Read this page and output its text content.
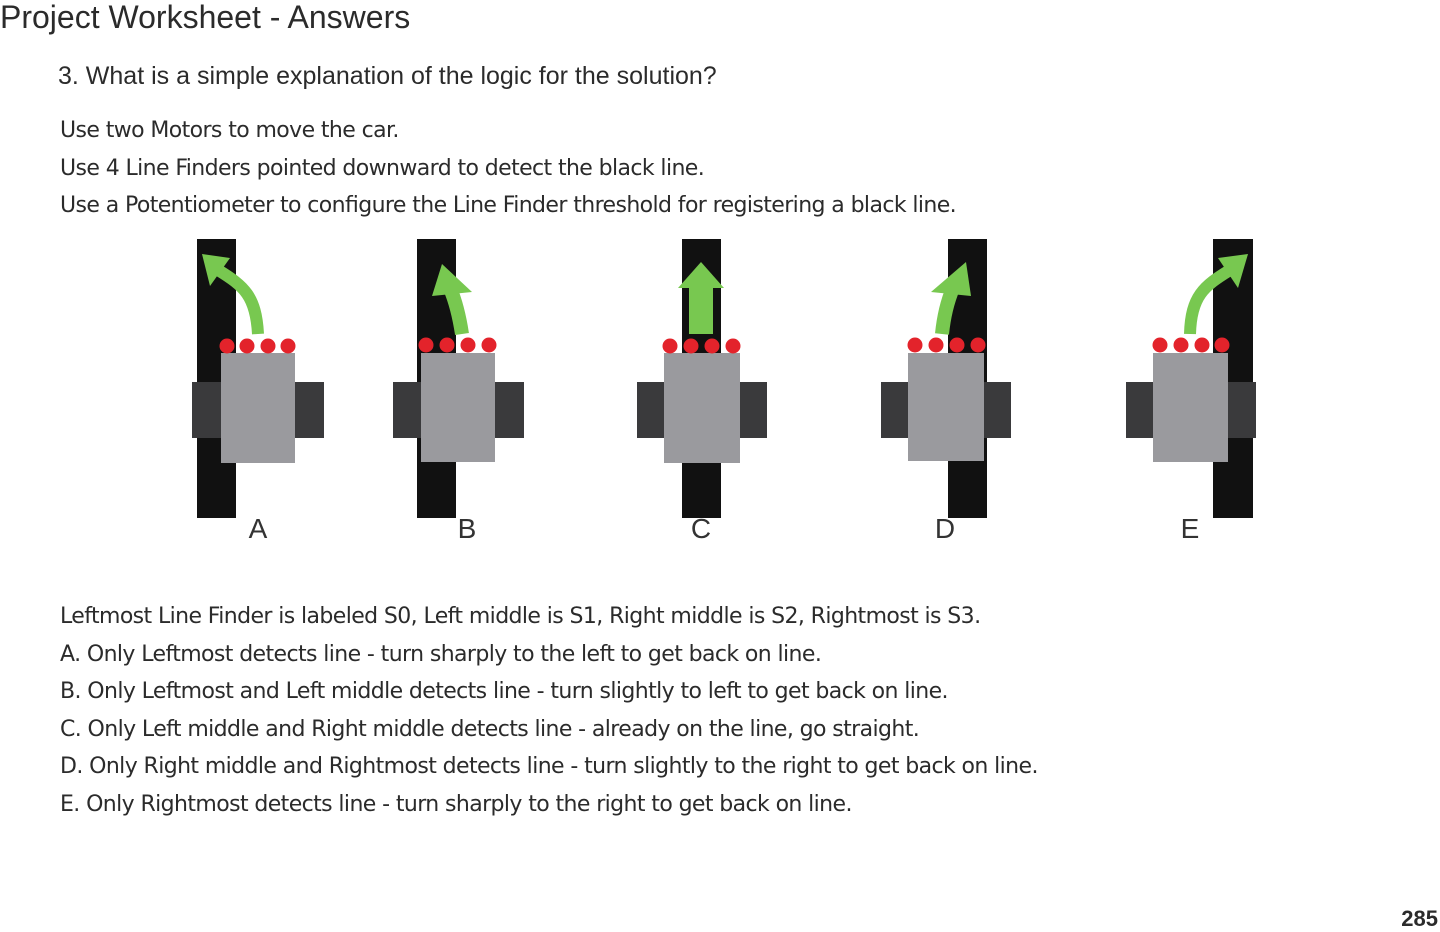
Project Worksheet - Answers
3. What is a simple explanation of the logic for the solution?
Use two Motors to move the car.
Use 4 Line Finders pointed downward to detect the black line.
Use a Potentiometer to conﬁgure the Line Finder threshold for registering a black line.
A	B	C	D	E
Leftmost Line Finder is labeled S0, Left middle is S1, Right middle is S2, Rightmost is S3.
A. Only Leftmost detects line - turn sharply to the left to get back on line.
B. Only Leftmost and Left middle detects line - turn slightly to left to get back on line.
C. Only Left middle and Right middle detects line - already on the line, go straight.
D. Only Right middle and Rightmost detects line - turn slightly to the right to get back on line.
E. Only Rightmost detects line - turn sharply to the right to get back on line.
285
